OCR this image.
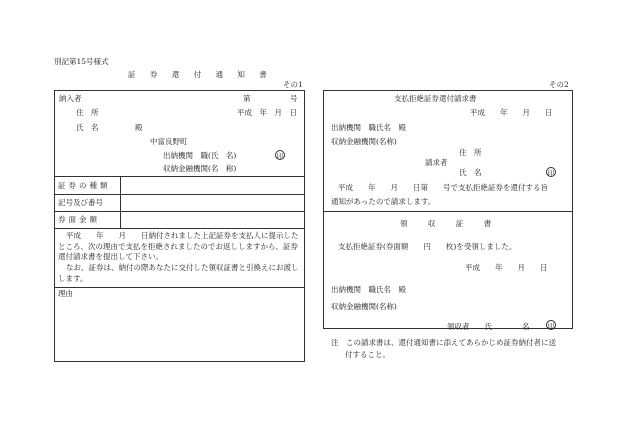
別記第15号様式
証 券 還 付 通 知 書
その1	その2
納入者	第	号
住　所	平成　年　月　日
氏　名	殿
中富良野町
出納機関　職(氏　名)	印
収納金融機関(名　称)
証券の種類
記号及び番号
券面金額
平成　　年　　月　　日納付されました上記証券を支払人に提示したところ、次の理由で支払を拒絶されましたのでお返ししますから、証券還付請求書を提出して下さい。
なお、証券は、納付の際あなたに交付した領収証書と引換えにお渡しします。
理由
支払拒絶証券還付請求書
平成　　年　　月　　日
出納機関　職氏名　殿
収納金融機関(名称)
住　所
請求者
氏　名	印
平成　　年　　月　　日第　　号で支払拒絶証券を還付する旨
通知があったので請求します。
領 収 証 書
支払拒絶証券(券面額　　円　　枚)を受領しました。
平成　　年　　月　　日
出納機関　職氏名　殿
収納金融機関(名称)
領収者　　氏　　　　名	印
注　この請求書は、還付通知書に添えてあらかじめ証券納付者に送
付すること。
